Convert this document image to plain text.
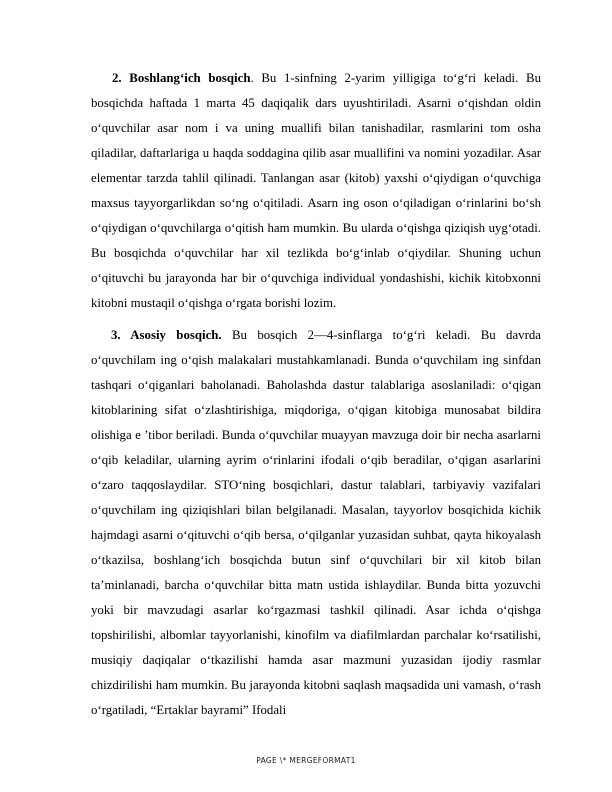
2. Boshlang‘ich bosqich. Bu 1-sinfning 2-yarim yilligiga to‘g‘ri keladi. Bu bosqichda haftada 1 marta 45 daqiqalik dars uyushtiriladi. Asarni o‘qishdan oldin o‘quvchilar asar nom i va uning muallifi bilan tanishadilar, rasmlarini tom osha qiladilar, daftarlariga u haqda soddagina qilib asar muallifini va nomini yozadilar. Asar elementar tarzda tahlil qilinadi. Tanlangan asar (kitob) yaxshi o‘qiydigan o‘quvchiga maxsus tayyorgarlikdan so‘ng o‘qitiladi. Asarn ing oson o‘qiladigan o‘rinlarini bo‘sh o‘qiydigan o‘quvchilarga o‘qitish ham mumkin. Bu ularda o‘qishga qiziqish uyg‘otadi. Bu bosqichda o‘quvchilar har xil tezlikda bo‘g‘inlab o‘qiydilar. Shuning uchun o‘qituvchi bu jarayonda har bir o‘quvchiga individual yondashishi, kichik kitobxonni kitobni mustaqil o‘qishga o‘rgata borishi lozim.

3. Asosiy bosqich. Bu bosqich 2—4-sinflarga to‘g‘ri keladi. Bu davrda o‘quvchilam ing o‘qish malakalari mustahkamlanadi. Bunda o‘quvchilam ing sinfdan tashqari o‘qiganlari baholanadi. Baholashda dastur talablariga asoslaniladi: o‘qigan kitoblarining sifat o‘zlashtirishiga, miqdoriga, o‘qigan kitobiga munosabat bildira olishiga e ’tibor beriladi. Bunda o‘quvchilar muayyan mavzuga doir bir necha asarlarni o‘qib keladilar, ularning ayrim o‘rinlarini ifodali o‘qib beradilar, o‘qigan asarlarini o‘zaro taqqoslaydilar. STO‘ning bosqichlari, dastur talablari, tarbiyaviy vazifalari o‘quvchilam ing qiziqishlari bilan belgilanadi. Masalan, tayyorlov bosqichida kichik hajmdagi asarni o‘qituvchi o‘qib bersa, o‘qilganlar yuzasidan suhbat, qayta hikoyalash o‘tkazilsa, boshlang‘ich bosqichda butun sinf o‘quvchilari bir xil kitob bilan ta’minlanadi, barcha o‘quvchilar bitta matn ustida ishlaydilar. Bunda bitta yozuvchi yoki bir mavzudagi asarlar ko‘rgazmasi tashkil qilinadi. Asar ichda o‘qishga topshirilishi, albomlar tayyorlanishi, kinofilm va diafilmlardan parchalar ko‘rsatilishi, musiqiy daqiqalar o‘tkazilishi hamda asar mazmuni yuzasidan ijodiy rasmlar chizdirilishi ham mumkin. Bu jarayonda kitobni saqlash maqsadida uni vamash, o‘rash o‘rgatiladi, “Ertaklar bayrami” Ifodali

PAGE \* MERGEFORMAT1
